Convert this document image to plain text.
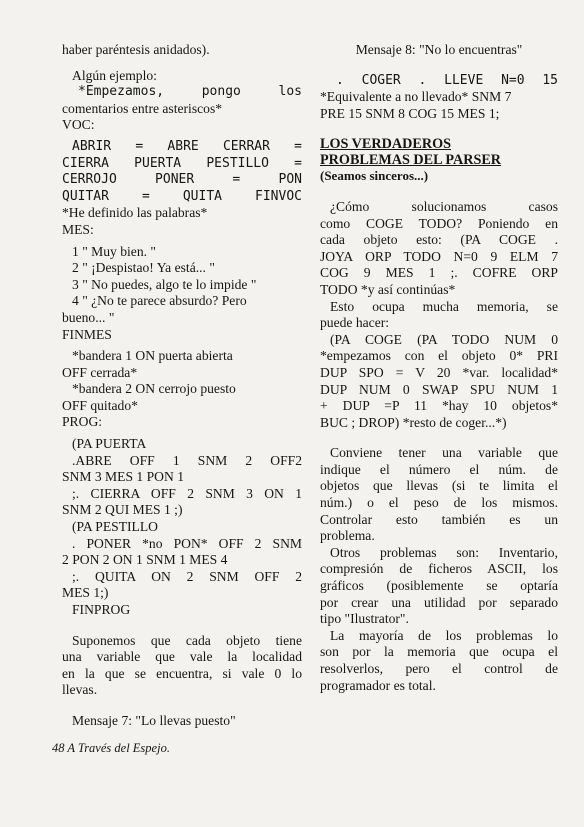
haber paréntesis anidados).

Algún ejemplo:

*Empezamos, pongo los

comentarios entre asteriscos*

VOC:

ABRIR = ABRE CERRAR =

CIERRA PUERTA PESTILLO =

CERROJO PONER = PON

QUITAR = QUITA FINVOC

*He definido las palabras*

MES:

1 " Muy bien. "

2 " ¡Despistao! Ya está... "

3 " No puedes, algo te lo impide "

4 " ¿No te parece absurdo? Pero

bueno... "

FINMES

*bandera 1 ON puerta abierta

OFF cerrada*

*bandera 2 ON cerrojo puesto

OFF quitado*

PROG:

(PA PUERTA

.ABRE OFF 1 SNM 2 OFF2

SNM 3 MES 1 PON 1

;. CIERRA OFF 2 SNM 3 ON 1

SNM 2 QUI MES 1 ;)

(PA PESTILLO

. PONER *no PON* OFF 2 SNM

2 PON 2 ON 1 SNM 1 MES 4

;. QUITA ON 2 SNM OFF 2

MES 1;)

FINPROG

Suponemos que cada objeto tiene

una variable que vale la localidad

en la que se encuentra, si vale 0 lo

llevas.

Mensaje 7: "Lo llevas puesto"

Mensaje 8: "No lo encuentras"

. COGER . LLEVE N=0 15

*Equivalente a no llevado* SNM 7

PRE 15 SNM 8 COG 15 MES 1;

LOS VERDADEROS

PROBLEMAS DEL PARSER

(Seamos sinceros...)

¿Cómo solucionamos casos

como COGE TODO? Poniendo en

cada objeto esto: (PA COGE .

JOYA ORP TODO N=0 9 ELM 7

COG 9 MES 1 ;. COFRE ORP

TODO *y así continúas*

Esto ocupa mucha memoria, se

puede hacer:

(PA COGE (PA TODO NUM 0

*empezamos con el objeto 0* PRI

DUP SPO = V 20 *var. localidad*

DUP NUM 0 SWAP SPU NUM 1

+ DUP =P 11 *hay 10 objetos*

BUC ; DROP) *resto de coger...*)

Conviene tener una variable que

indique el número el núm. de

objetos que llevas (si te limita el

núm.) o el peso de los mismos.

Controlar esto también es un

problema.

Otros problemas son: Inventario,

compresión de ficheros ASCII, los

gráficos (posiblemente se optaría

por crear una utilidad por separado

tipo "Ilustrator".

La mayoría de los problemas lo

son por la memoria que ocupa el

resolverlos, pero el control de

programador es total.

48 A Través del Espejo.
